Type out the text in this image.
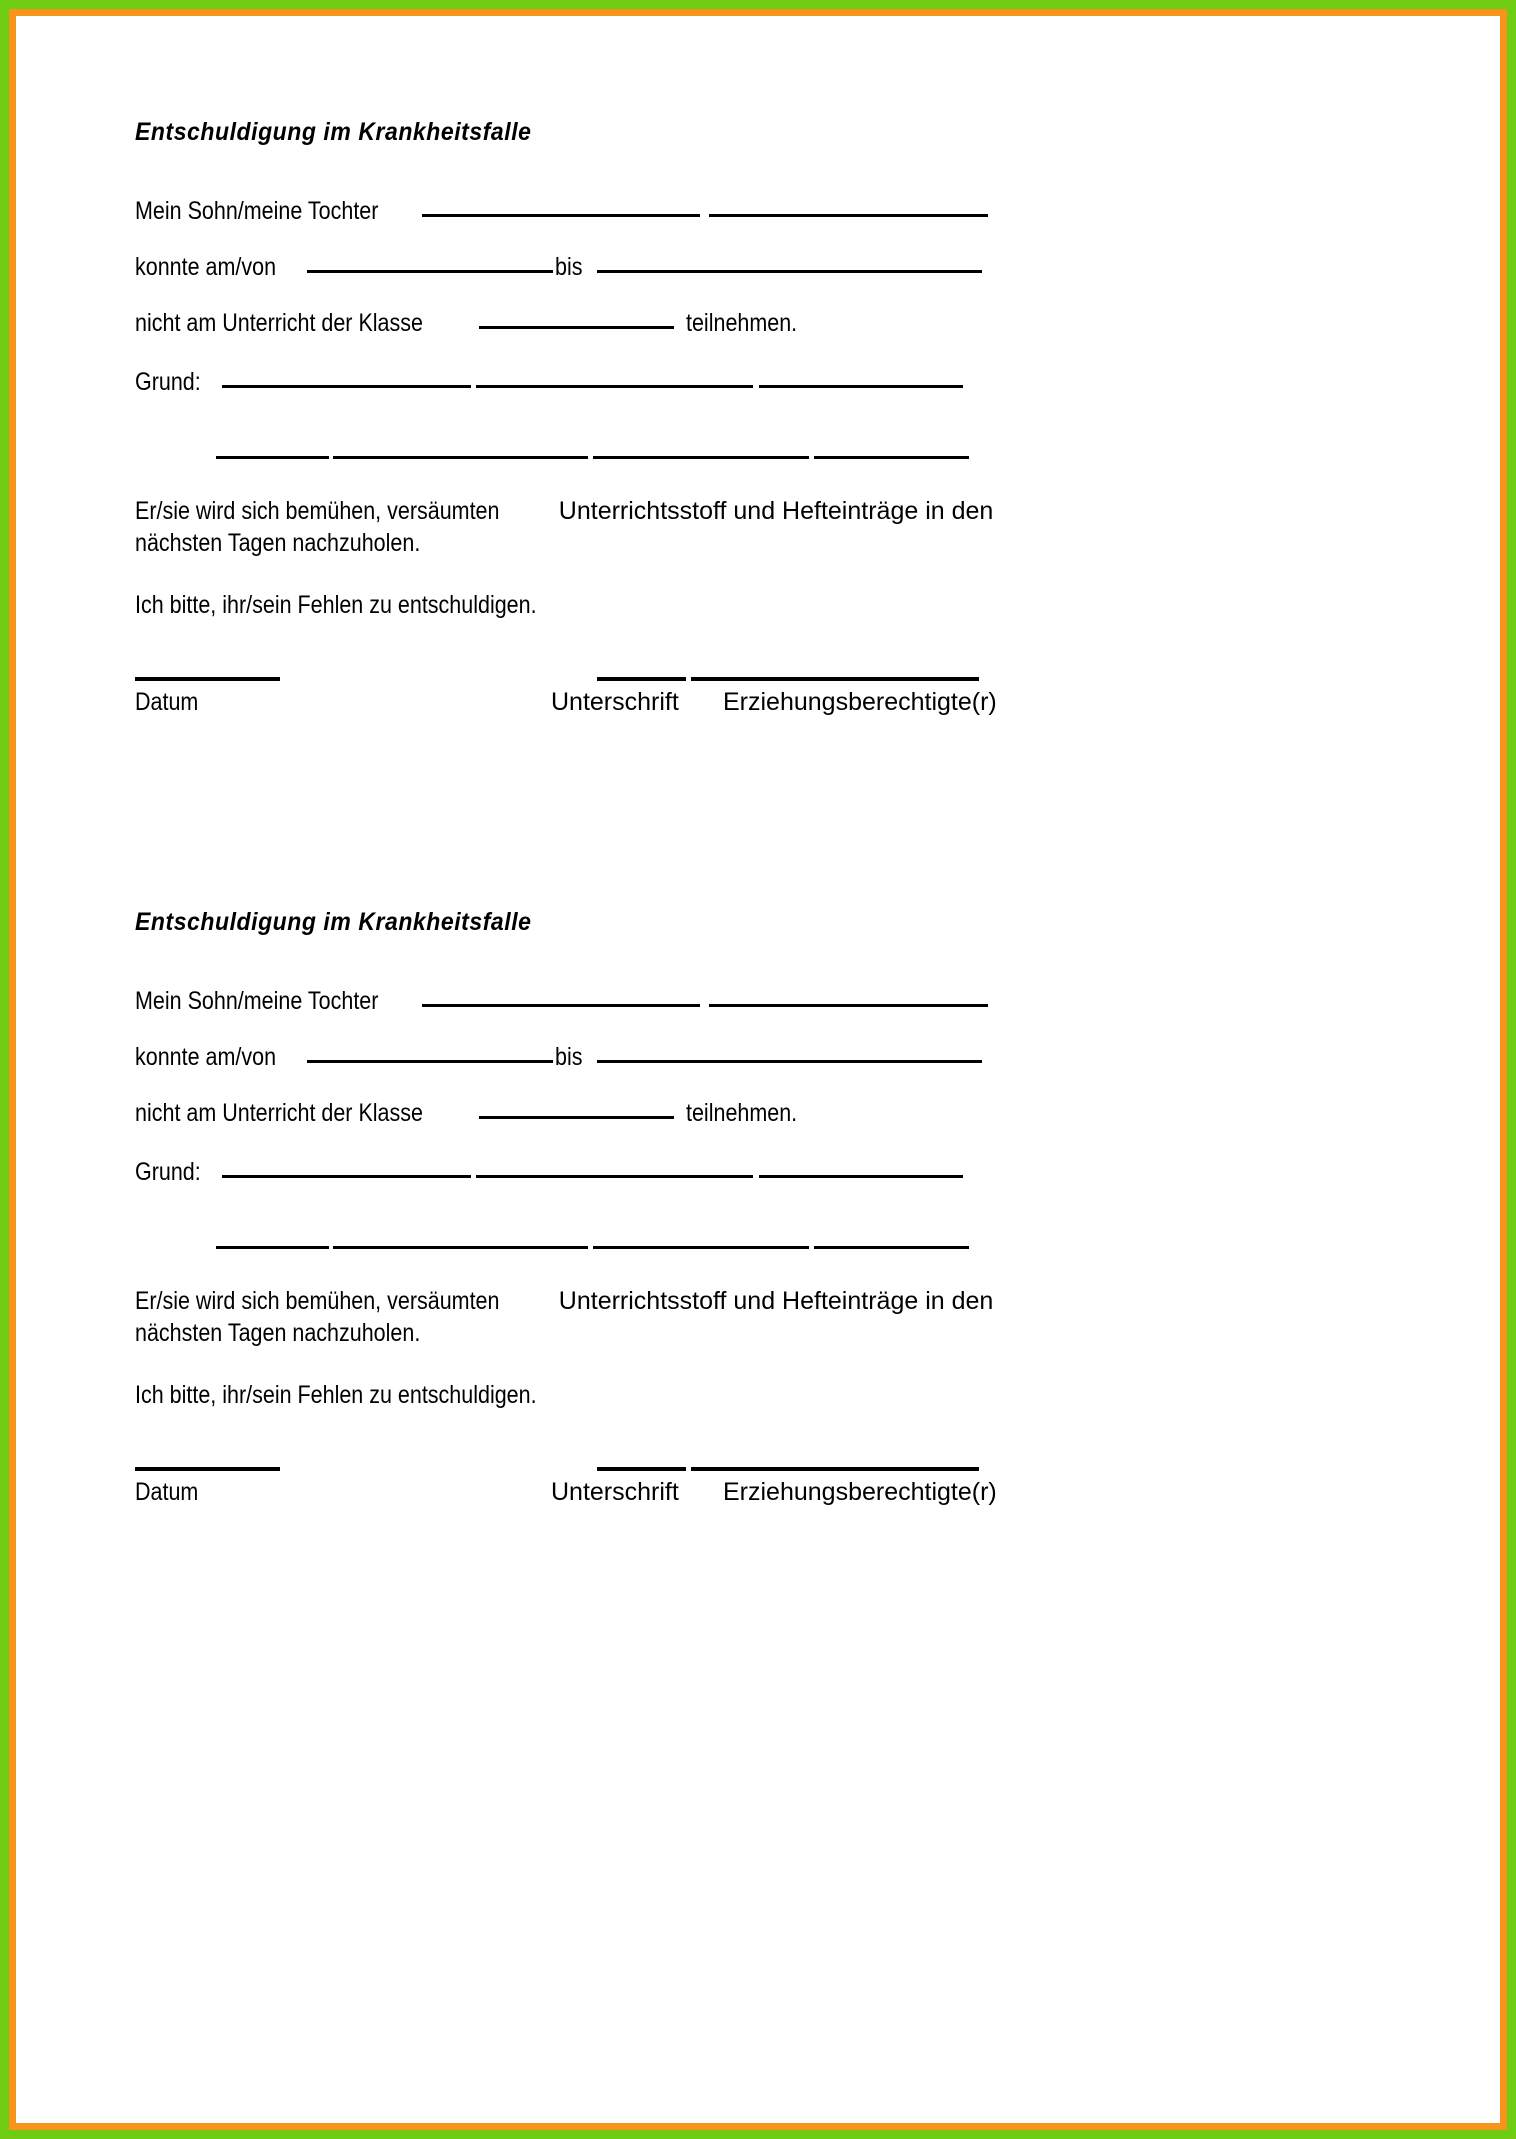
Entschuldigung im Krankheitsfalle
Mein Sohn/meine Tochter
konnte am/von	bis
nicht am Unterricht der Klasse	teilnehmen.
Grund:
Er/sie wird sich bemühen, versäumtenUnterrichtsstoff und Hefteinträge in den
nächsten Tagen nachzuholen.
Ich bitte, ihr/sein Fehlen zu entschuldigen.
Datum	Unterschrift Erziehungsberechtigte(r)
Entschuldigung im Krankheitsfalle
Mein Sohn/meine Tochter
konnte am/von	bis
nicht am Unterricht der Klasse	teilnehmen.
Grund:
Er/sie wird sich bemühen, versäumtenUnterrichtsstoff und Hefteinträge in den
nächsten Tagen nachzuholen.
Ich bitte, ihr/sein Fehlen zu entschuldigen.
Datum	Unterschrift Erziehungsberechtigte(r)
